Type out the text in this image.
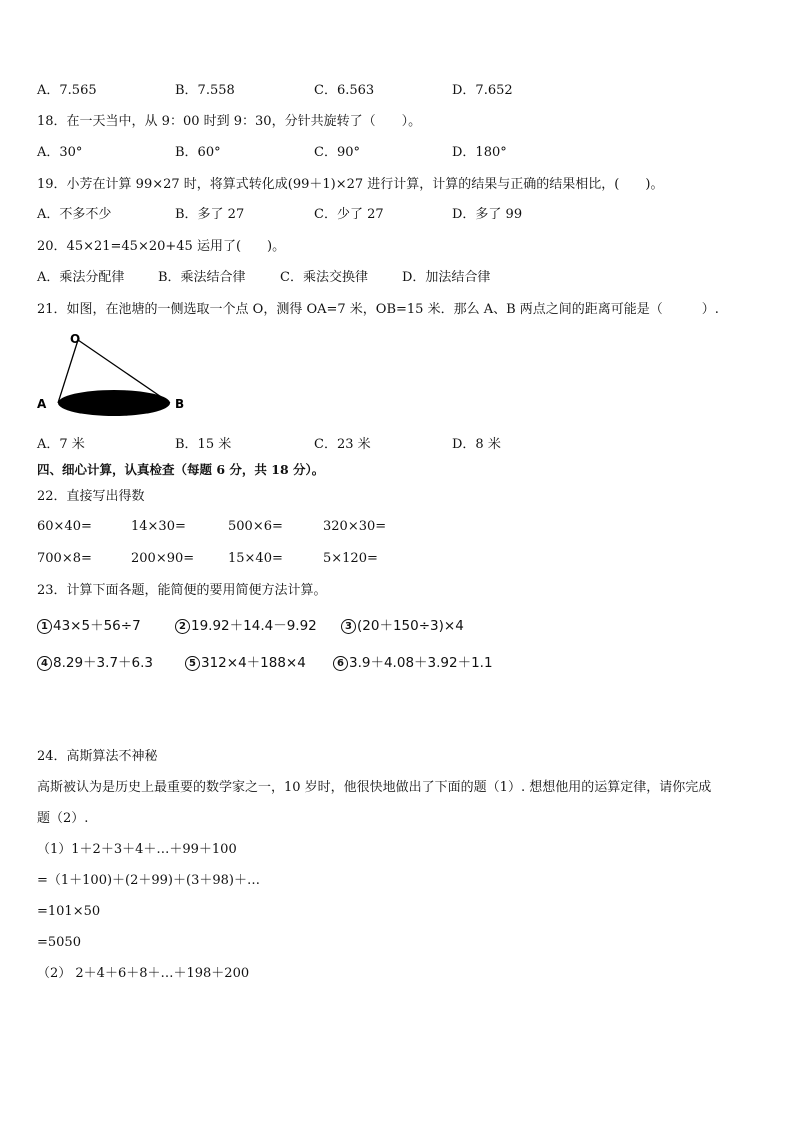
A．7.565	B．7.558	C．6.563	D．7.652
18．在一天当中，从 9：00 时到 9：30，分针共旋转了（　　）。
A．30°	B．60°	C．90°	D．180°
19．小芳在计算 99×27 时，将算式转化成(99＋1)×27 进行计算，计算的结果与正确的结果相比，(　　)。
A．不多不少	B．多了 27	C．少了 27	D．多了 99
20．45×21=45×20+45 运用了(　　)。
A．乘法分配律	B．乘法结合律	C．乘法交换律	D．加法结合律
21．如图，在池塘的一侧选取一个点 O，测得 OA=7 米，OB=15 米．那么 A、B 两点之间的距离可能是（　　　）.
O
A	B
A．7 米	B．15 米	C．23 米	D．8 米
四、细心计算，认真检查（每题 6 分，共 18 分）。
22．直接写出得数
60×40=	14×30=	500×6=	320×30=
700×8=	200×90=	15×40=	5×120=
23．计算下面各题，能简便的要用简便方法计算。
1 43×5＋56÷7	2 19.92＋14.4－9.92	3 (20＋150÷3)×4
4 8.29＋3.7＋6.3	5 312×4＋188×4	6 3.9＋4.08＋3.92＋1.1
24．高斯算法不神秘
高斯被认为是历史上最重要的数学家之一，10 岁时，他很快地做出了下面的题（1）. 想想他用的运算定律，请你完成
题（2）.
（1）1＋2＋3＋4＋…＋99＋100
=（1＋100)＋(2＋99)＋(3＋98)＋…
=101×50
=5050
（2） 2＋4＋6＋8＋…＋198＋200
